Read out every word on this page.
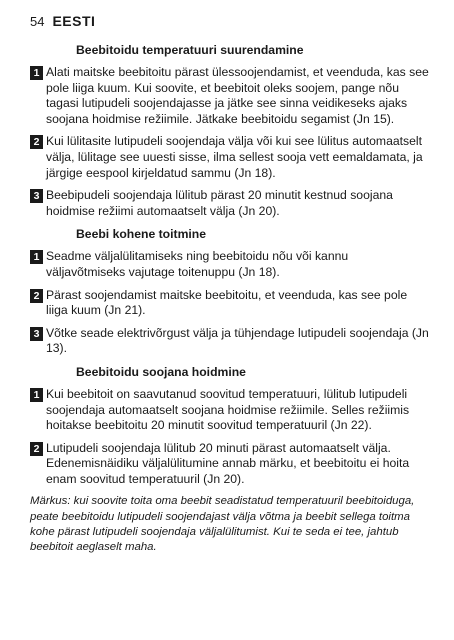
54 EESTI
Beebitoidu temperatuuri suurendamine
1 Alati maitske beebitoitu pärast ülessoojendamist, et veenduda, kas see pole liiga kuum. Kui soovite, et beebitoit oleks soojem, pange nõu tagasi lutipudeli soojendajasse ja jätke see sinna veidikeseks ajaks soojana hoidmise režiimile. Jätkake beebitoidu segamist (Jn 15).
2 Kui lülitasite lutipudeli soojendaja välja või kui see lülitus automaatselt välja, lülitage see uuesti sisse, ilma sellest sooja vett eemaldamata, ja järgige eespool kirjeldatud sammu (Jn 18).
3 Beebipudeli soojendaja lülitub pärast 20 minutit kestnud soojana hoidmise režiimi automaatselt välja (Jn 20).
Beebi kohene toitmine
1 Seadme väljalülitamiseks ning beebitoidu nõu või kannu väljavõtmiseks vajutage toitenuppu (Jn 18).
2 Pärast soojendamist maitske beebitoitu, et veenduda, kas see pole liiga kuum (Jn 21).
3 Võtke seade elektrivõrgust välja ja tühjendage lutipudeli soojendaja (Jn 13).
Beebitoidu soojana hoidmine
1 Kui beebitoit on saavutanud soovitud temperatuuri, lülitub lutipudeli soojendaja automaatselt soojana hoidmise režiimile. Selles režiimis hoitakse beebitoitu 20 minutit soovitud temperatuuril (Jn 22).
2 Lutipudeli soojendaja lülitub 20 minuti pärast automaatselt välja. Edenemisnäidiku väljalülitumine annab märku, et beebitoitu ei hoita enam soovitud temperatuuril (Jn 20).
Märkus: kui soovite toita oma beebit seadistatud temperatuuril beebitoiduga, peate beebitoidu lutipudeli soojendajast välja võtma ja beebit sellega toitma kohe pärast lutipudeli soojendaja väljalülitumist. Kui te seda ei tee, jahtub beebitoit aeglaselt maha.
